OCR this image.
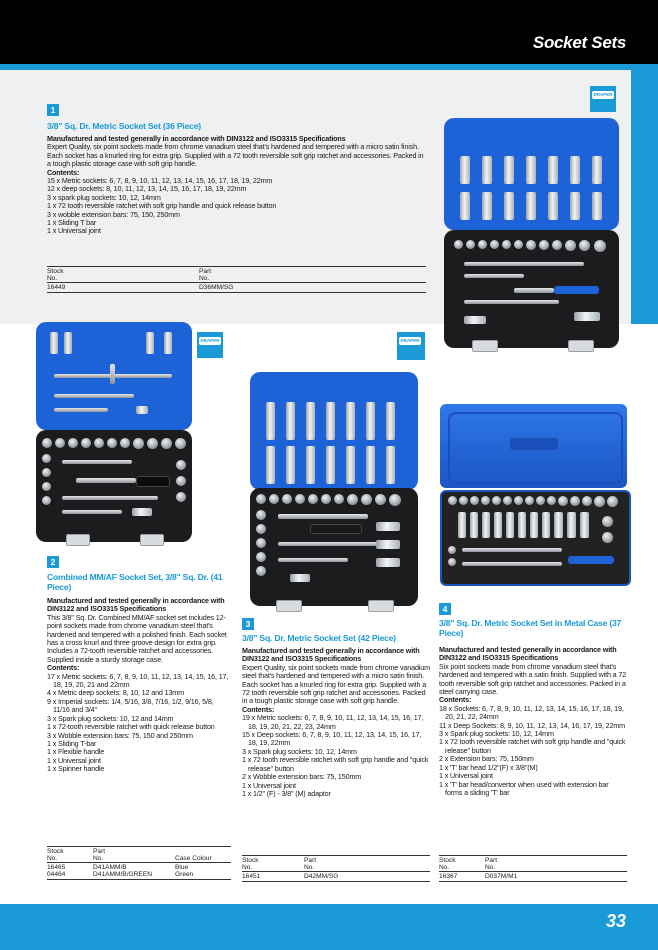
Socket Sets
1
3/8" Sq. Dr. Metric Socket Set (36 Piece)
Manufactured and tested generally in accordance with DIN3122 and ISO3315 Specifications
Expert Quality, six point sockets made from chrome vanadium steel that's hardened and tempered with a micro satin finish. Each socket has a knurled ring for extra grip. Supplied with a 72 tooth reversible soft grip ratchet and accessories. Packed in a tough plastic storage case with soft grip handle.
Contents:
15 x Metric sockets: 6, 7, 8, 9, 10, 11, 12, 13, 14, 15, 16, 17, 18, 19, 22mm
12 x deep sockets: 8, 10, 11, 12, 13, 14, 15, 16, 17, 18, 19, 22mm
3 x spark plug sockets: 10, 12, 14mm
1 x 72 tooth reversible ratchet with soft grip handle and quick release button
3 x wobble extension bars: 75, 150, 250mm
1 x Sliding T bar
1 x Universal joint
Stock
No.
Part
No.
16449	D36MM/SG
DRAPER
DRAPER
2
Combined MM/AF Socket Set, 3/8" Sq. Dr. (41 Piece)
Manufactured and tested generally in accordance with DIN3122 and ISO3315 Specifications
This 3/8" Sq. Dr. Combined MM/AF socket set includes 12-point sockets made from chrome vanadium steel that's hardened and tempered with a polished finish. Each socket has a cross knurl and three groove design for extra grip. Includes a 72-tooth reversible ratchet and accessories. Supplied inside a sturdy storage case.
Contents:
17 x Metric sockets: 6, 7, 8, 9, 10, 11, 12, 13, 14, 15, 16, 17, 18, 19, 20, 21 and 22mm
4 x Metric deep sockets: 8, 10, 12 and 13mm
9 x Imperial sockets: 1/4, 5/16, 3/8, 7/16, 1/2, 9/16, 5/8, 11/16 and 3/4"
3 x Spark plug sockets: 10, 12 and 14mm
1 x 72-tooth reversible ratchet with quick release button
3 x Wobble extension bars: 75, 150 and 250mm
1 x Sliding T-bar
1 x Flexible handle
1 x Universal joint
1 x Spinner handle
Stock
No.
Part
No.	Case Colour
16465	D41AMM/B	Blue
04464	D41AMM/B/GREEN	Green
DRAPER
3
3/8" Sq. Dr. Metric Socket Set (42 Piece)
Manufactured and tested generally in accordance with DIN3122 and ISO3315 Specifications
Expert Quality, six point sockets made from chrome vanadium steel that's hardened and tempered with a micro satin finish. Each socket has a knurled ring for extra grip. Supplied with a 72 tooth reversible soft grip ratchet and accessories. Packed in a tough plastic storage case with soft grip handle.
Contents:
19 x Metric sockets: 6, 7, 8, 9, 10, 11, 12, 13, 14, 15, 16, 17, 18, 19, 20, 21, 22, 23, 24mm
15 x Deep sockets: 6, 7, 8, 9, 10, 11, 12, 13, 14, 15, 16, 17, 18, 19, 22mm
3 x Spark plug sockets: 10, 12, 14mm
1 x 72 tooth reversible ratchet with soft grip handle and "quick release" button
2 x Wobble extension bars: 75, 150mm
1 x Universal joint
1 x 1/2" (F) - 3/8" (M) adaptor
Stock
No.
Part
No.
16451	D42MM/SG
4
3/8" Sq. Dr. Metric Socket Set in Metal Case (37 Piece)
Manufactured and tested generally in accordance with DIN3122 and ISO3315 Specifications
Six point sockets made from chrome vanadium steel that's hardened and tempered with a satin finish. Supplied with a 72 tooth reversible soft grip ratchet and accessories. Packed in a steel carrying case.
Contents:
18 x Sockets: 6, 7, 8, 9, 10, 11, 12, 13, 14, 15, 16, 17, 18, 19, 20, 21, 22, 24mm
11 x Deep Sockets: 8, 9, 10, 11, 12, 13, 14, 16, 17, 19, 22mm
3 x Spark plug sockets: 10, 12, 14mm
1 x 72 tooth reversible ratchet with soft grip handle and "quick release" button
2 x Extension bars: 75, 150mm
1 x 'T' bar head 1/2"(F) x 3/8"(M)
1 x Universal joint
1 x 'T' bar head/convertor when used with extension bar forms a sliding 'T' bar
Stock
No.
Part
No.
16367	D037M/M1
33
